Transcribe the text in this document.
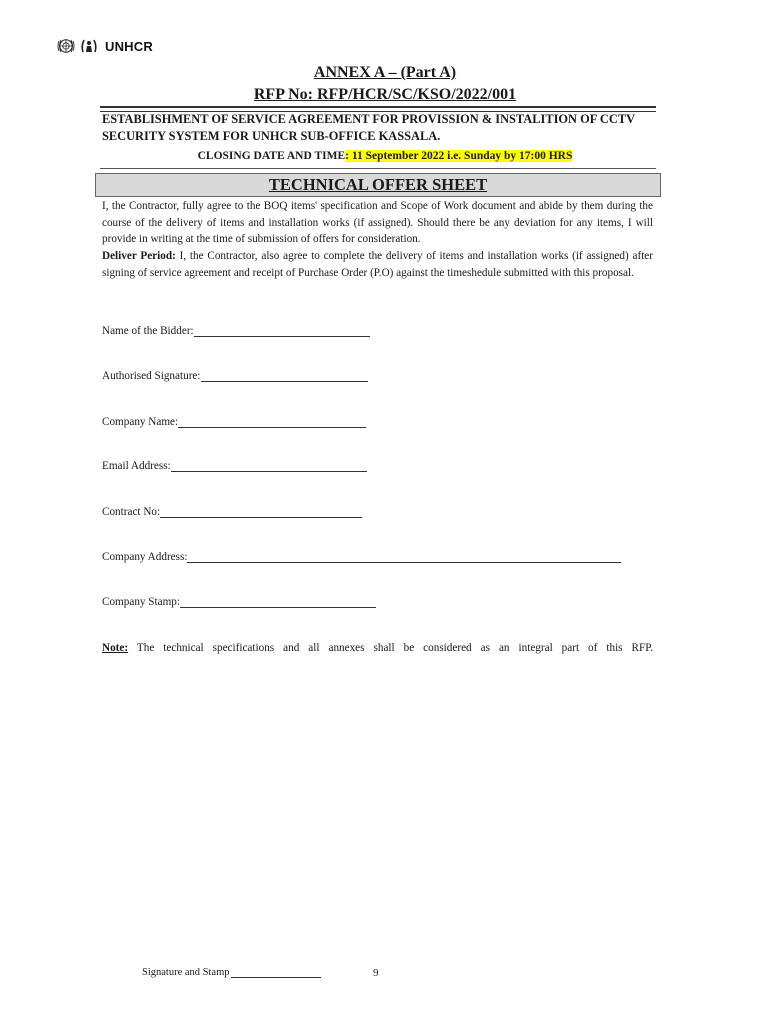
UNHCR
ANNEX A – (Part A)
RFP No: RFP/HCR/SC/KSO/2022/001
ESTABLISHMENT OF SERVICE AGREEMENT FOR PROVISSION & INSTALITION OF CCTV SECURITY SYSTEM FOR UNHCR SUB-OFFICE KASSALA.
CLOSING DATE AND TIME: 11 September 2022 i.e. Sunday by 17:00 HRS
TECHNICAL OFFER SHEET
I, the Contractor, fully agree to the BOQ items' specification and Scope of Work document and abide by them during the course of the delivery of items and installation works (if assigned). Should there be any deviation for any items, I will provide in writing at the time of submission of offers for consideration.
Deliver Period: I, the Contractor, also agree to complete the delivery of items and installation works (if assigned) after signing of service agreement and receipt of Purchase Order (P.O) against the timeshedule submitted with this proposal.
Name of the Bidder:
Authorised Signature:
Company Name:
Email Address:
Contract No:
Company Address:
Company Stamp:
Note: The technical specifications and all annexes shall be considered as an integral part of this RFP.
Signature and Stamp	9
